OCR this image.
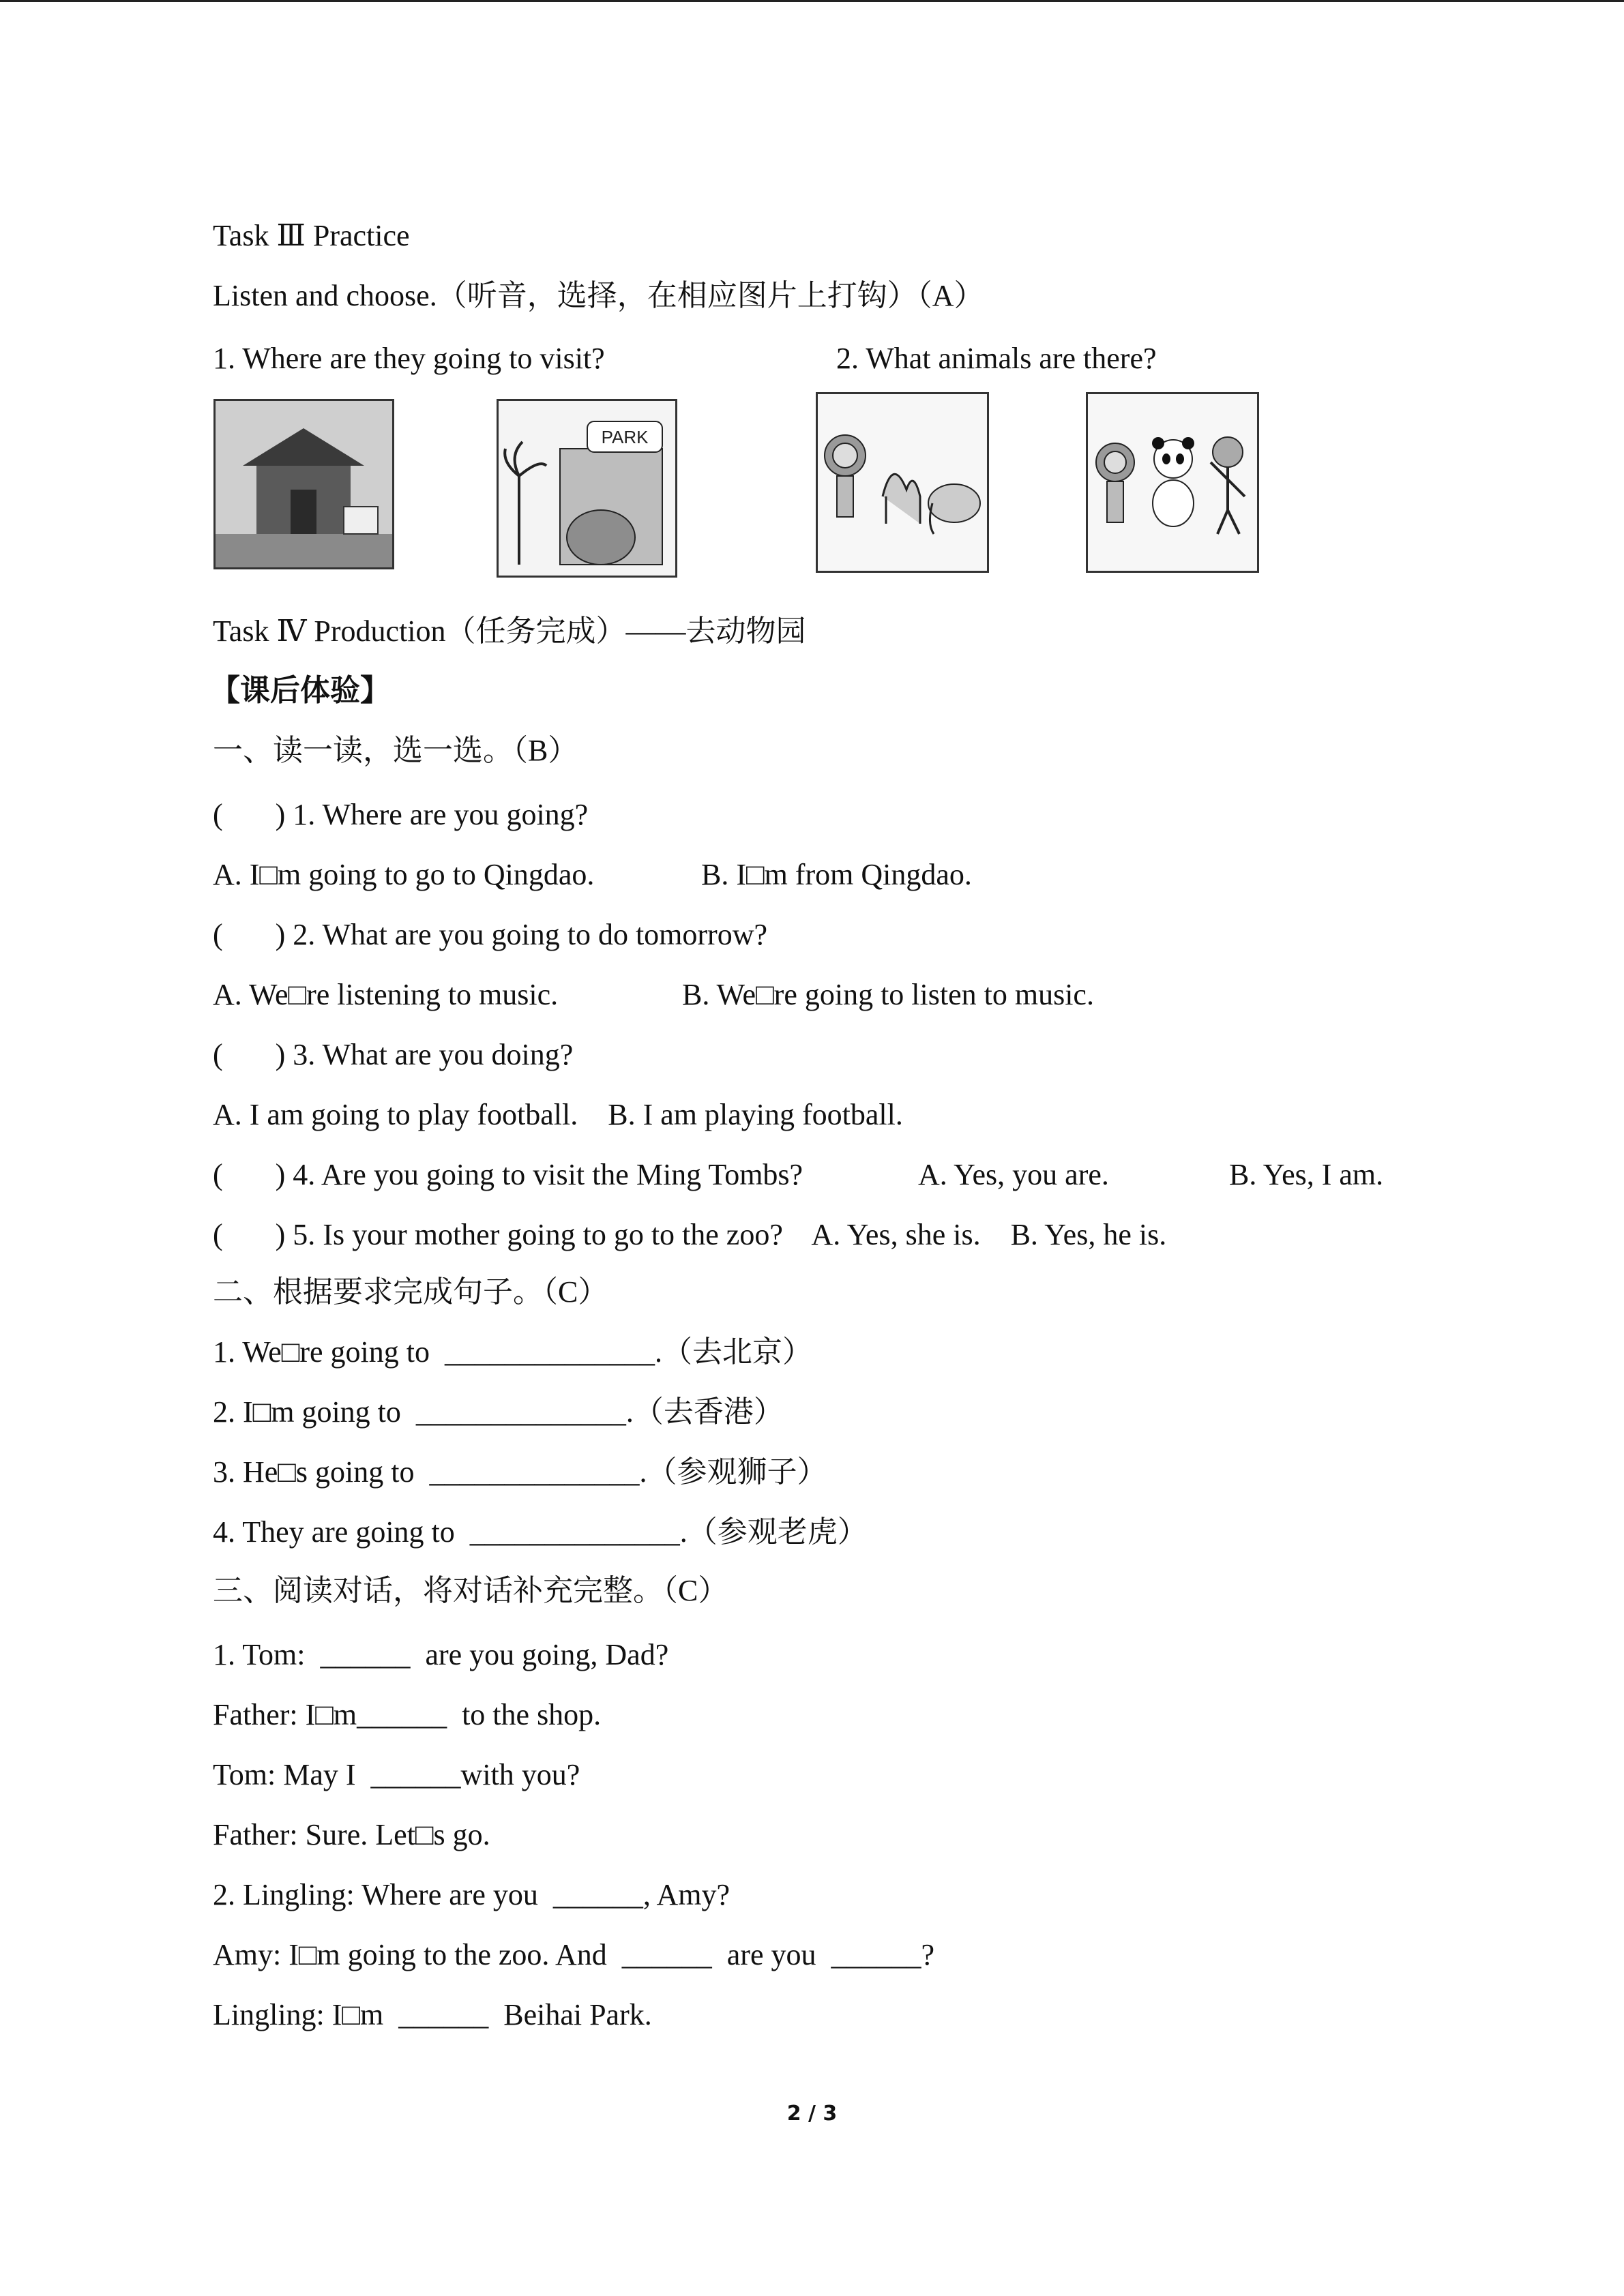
Task Ⅲ Practice
Listen and choose.（听音，选择，在相应图片上打钩）（A）
1. Where are they going to visit?	2. What animals are there?
PARK
Task Ⅳ Production（任务完成）——去动物园
【课后体验】
一、读一读，选一选。（B）
(       ) 1. Where are you going?
A. I□m going to go to Qingdao.	B. I□m from Qingdao.
(       ) 2. What are you going to do tomorrow?
A. We□re listening to music.	B. We□re going to listen to music.
(       ) 3. What are you doing?
A. I am going to play football.    B. I am playing football.
(       ) 4. Are you going to visit the Ming Tombs?	A. Yes, you are.	B. Yes, I am.
(       ) 5. Is your mother going to go to the zoo?    A. Yes, she is.    B. Yes, he is.
二、根据要求完成句子。（C）
1. We□re going to  ______________.（去北京）
2. I□m going to  ______________.（去香港）
3. He□s going to  ______________.（参观狮子）
4. They are going to  ______________.（参观老虎）
三、阅读对话，将对话补充完整。（C）
1. Tom:  ______  are you going, Dad?
Father: I□m______  to the shop.
Tom: May I  ______with you?
Father: Sure. Let□s go.
2. Lingling: Where are you  ______, Amy?
Amy: I□m going to the zoo. And  ______  are you  ______?
Lingling: I□m  ______  Beihai Park.
2 / 3
